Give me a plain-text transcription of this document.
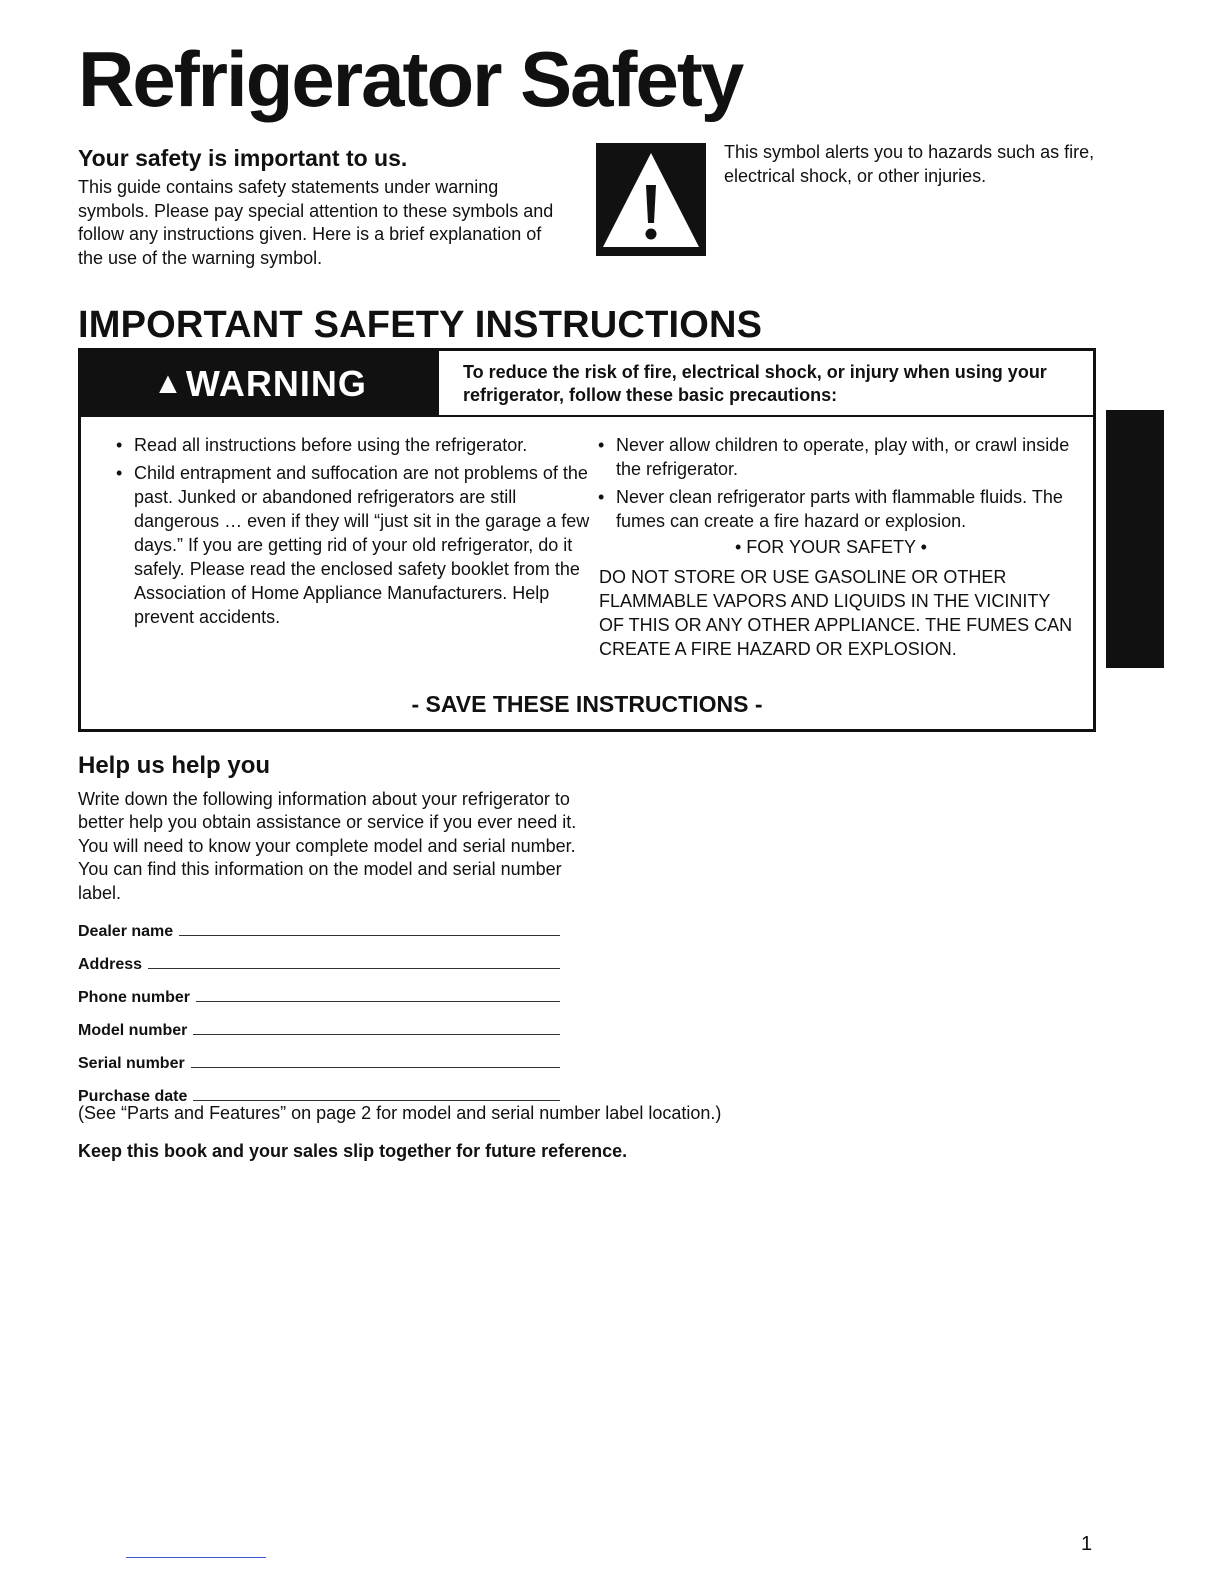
Refrigerator Safety
Your safety is important to us.
This guide contains safety statements under warning symbols. Please pay special attention to these symbols and follow any instructions given. Here is a brief explanation of the use of the warning symbol.
This symbol alerts you to hazards such as fire, electrical shock, or other injuries.
IMPORTANT SAFETY INSTRUCTIONS
▲ WARNING	To reduce the risk of fire, electrical shock, or injury when using your refrigerator, follow these basic precautions:
• Read all instructions before using the refrigerator.
• Child entrapment and suffocation are not problems of the past. Junked or abandoned refrigerators are still dangerous … even if they will “just sit in the garage a few days.” If you are getting rid of your old refrigerator, do it safely. Please read the enclosed safety booklet from the Association of Home Appliance Manufacturers. Help prevent accidents.
• Never allow children to operate, play with, or crawl inside the refrigerator.
• Never clean refrigerator parts with flammable fluids. The fumes can create a fire hazard or explosion.
• FOR YOUR SAFETY •
DO NOT STORE OR USE GASOLINE OR OTHER FLAMMABLE VAPORS AND LIQUIDS IN THE VICINITY OF THIS OR ANY OTHER APPLIANCE. THE FUMES CAN CREATE A FIRE HAZARD OR EXPLOSION.
- SAVE THESE INSTRUCTIONS -
Help us help you
Write down the following information about your refrigerator to better help you obtain assistance or service if you ever need it. You will need to know your complete model and serial number. You can find this information on the model and serial number label.
Dealer name
Address
Phone number
Model number
Serial number
Purchase date
(See “Parts and Features” on page 2 for model and serial number label location.)
Keep this book and your sales slip together for future reference.
1
